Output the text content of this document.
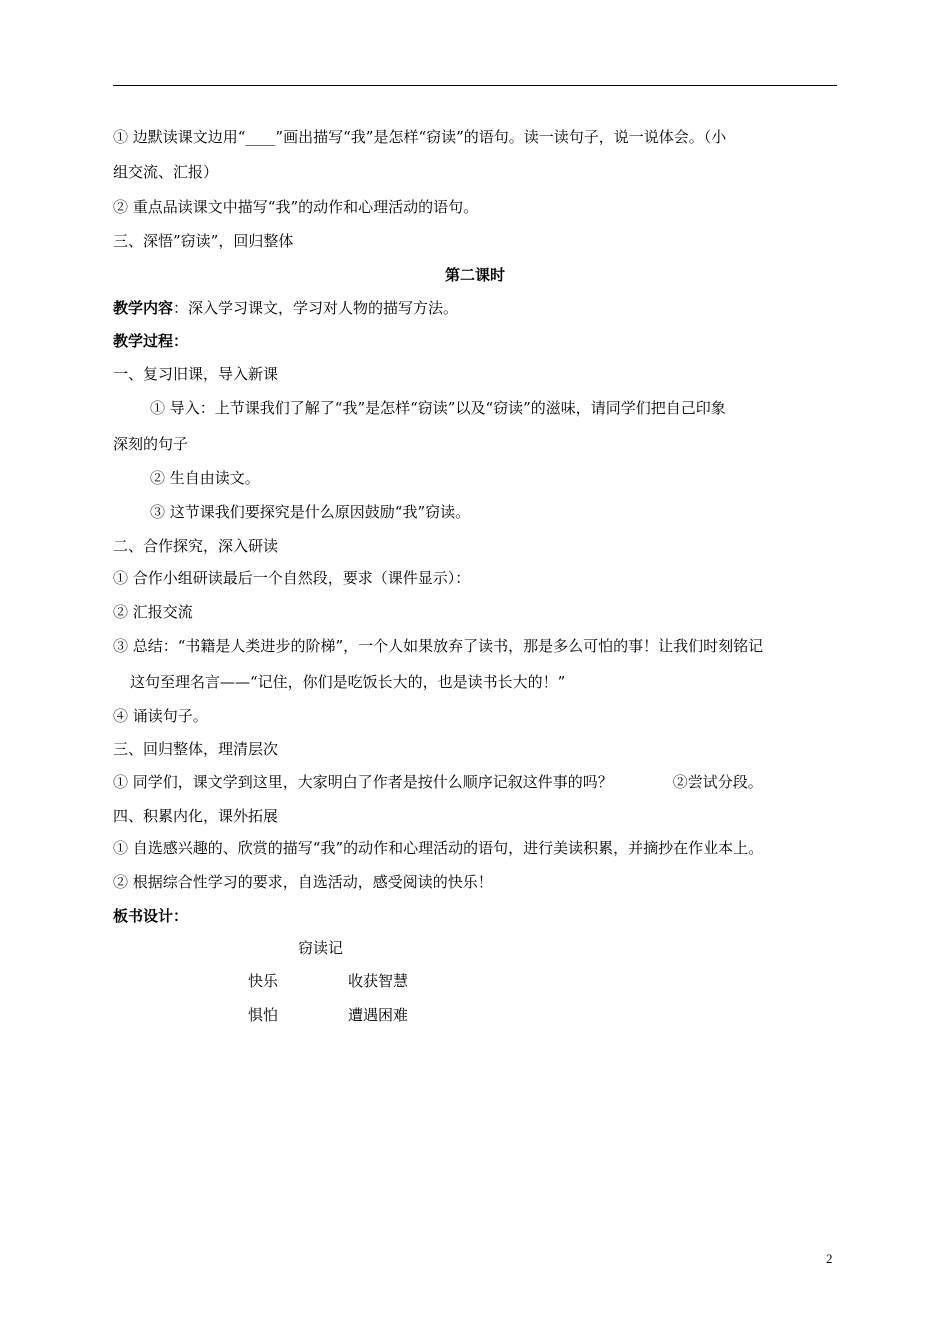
① 边默读课文边用“____”画出描写“我”是怎样“窃读”的语句。读一读句子，说一说体会。（小
组交流、汇报）
② 重点品读课文中描写“我”的动作和心理活动的语句。
三、深悟”窃读”，回归整体
第二课时
教学内容：深入学习课文，学习对人物的描写方法。
教学过程：
一、复习旧课，导入新课
① 导入：上节课我们了解了“我”是怎样“窃读”以及“窃读”的滋味，请同学们把自己印象
深刻的句子
② 生自由读文。
③ 这节课我们要探究是什么原因鼓励“我”窃读。
二、合作探究，深入研读
① 合作小组研读最后一个自然段，要求（课件显示）：
② 汇报交流
③ 总结：“书籍是人类进步的阶梯”，一个人如果放弃了读书，那是多么可怕的事！让我们时刻铭记
这句至理名言——“记住，你们是吃饭长大的，也是读书长大的！”
④ 诵读句子。
三、回归整体，理清层次
① 同学们，课文学到这里，大家明白了作者是按什么顺序记叙这件事的吗？	②尝试分段。
四、积累内化，课外拓展
① 自选感兴趣的、欣赏的描写“我”的动作和心理活动的语句，进行美读积累，并摘抄在作业本上。
② 根据综合性学习的要求，自选活动，感受阅读的快乐！
板书设计：
窃读记
快乐	收获智慧
惧怕	遭遇困难
2
